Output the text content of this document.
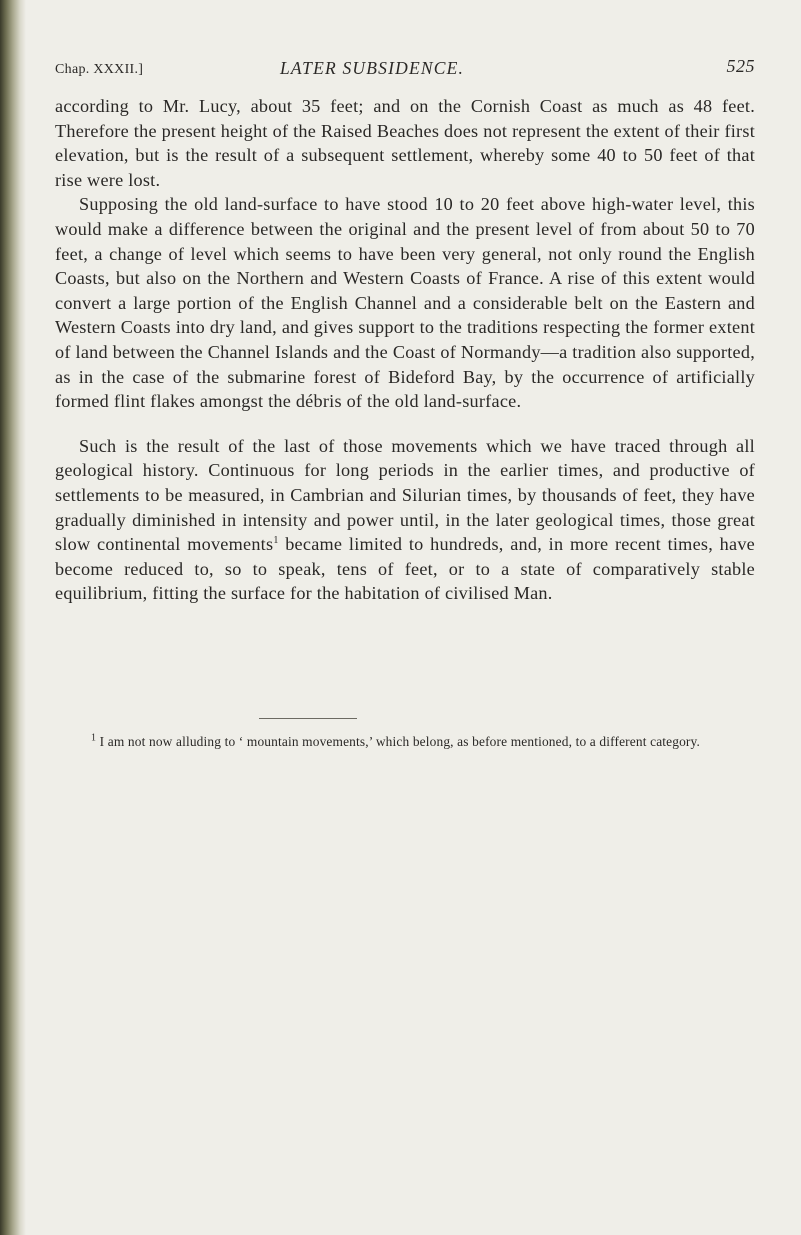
Chap. XXXII.]	LATER SUBSIDENCE.	525

according to Mr. Lucy, about 35 feet; and on the Cornish Coast as much as 48 feet. Therefore the present height of the Raised Beaches does not represent the extent of their first elevation, but is the result of a subsequent settlement, whereby some 40 to 50 feet of that rise were lost.

Supposing the old land-surface to have stood 10 to 20 feet above high-water level, this would make a difference between the original and the present level of from about 50 to 70 feet, a change of level which seems to have been very general, not only round the English Coasts, but also on the Northern and Western Coasts of France. A rise of this extent would convert a large portion of the English Channel and a considerable belt on the Eastern and Western Coasts into dry land, and gives support to the traditions respecting the former extent of land between the Channel Islands and the Coast of Normandy—a tradition also supported, as in the case of the submarine forest of Bideford Bay, by the occurrence of artificially formed flint flakes amongst the débris of the old land-surface.

Such is the result of the last of those movements which we have traced through all geological history. Continuous for long periods in the earlier times, and productive of settlements to be measured, in Cambrian and Silurian times, by thousands of feet, they have gradually diminished in intensity and power until, in the later geological times, those great slow continental movements$^1$ became limited to hundreds, and, in more recent times, have become reduced to, so to speak, tens of feet, or to a state of comparatively stable equilibrium, fitting the surface for the habitation of civilised Man.

$^1$ I am not now alluding to ‘ mountain movements,’ which belong, as before mentioned, to a different category.
